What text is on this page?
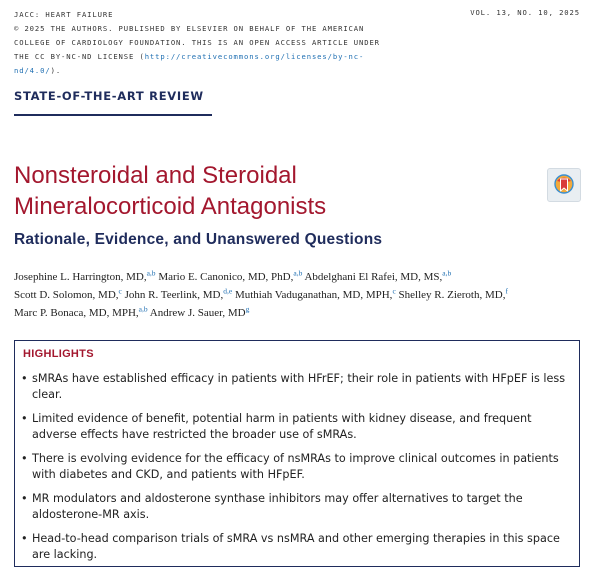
JACC: HEART FAILURE
© 2025 THE AUTHORS. PUBLISHED BY ELSEVIER ON BEHALF OF THE AMERICAN
COLLEGE OF CARDIOLOGY FOUNDATION. THIS IS AN OPEN ACCESS ARTICLE UNDER
THE CC BY-NC-ND LICENSE (http://creativecommons.org/licenses/by-nc-nd/4.0/).
VOL. 13, NO. 10, 2025
STATE-OF-THE-ART REVIEW
Nonsteroidal and Steroidal
Mineralocorticoid Antagonists
Rationale, Evidence, and Unanswered Questions
Josephine L. Harrington, MD,$^{a,b}$ Mario E. Canonico, MD, PhD,$^{a,b}$ Abdelghani El Rafei, MD, MS,$^{a,b}$
Scott D. Solomon, MD,$^c$ John R. Teerlink, MD,$^{d,e}$ Muthiah Vaduganathan, MD, MPH,$^c$ Shelley R. Zieroth, MD,$^f$
Marc P. Bonaca, MD, MPH,$^{a,b}$ Andrew J. Sauer, MD$^g$
HIGHLIGHTS
• sMRAs have established efficacy in patients with HFrEF; their role in patients with HFpEF is less clear.
• Limited evidence of benefit, potential harm in patients with kidney disease, and frequent adverse effects have restricted the broader use of sMRAs.
• There is evolving evidence for the efficacy of nsMRAs to improve clinical outcomes in patients with diabetes and CKD, and patients with HFpEF.
• MR modulators and aldosterone synthase inhibitors may offer alternatives to target the aldosterone-MR axis.
• Head-to-head comparison trials of sMRA vs nsMRA and other emerging therapies in this space are lacking.
